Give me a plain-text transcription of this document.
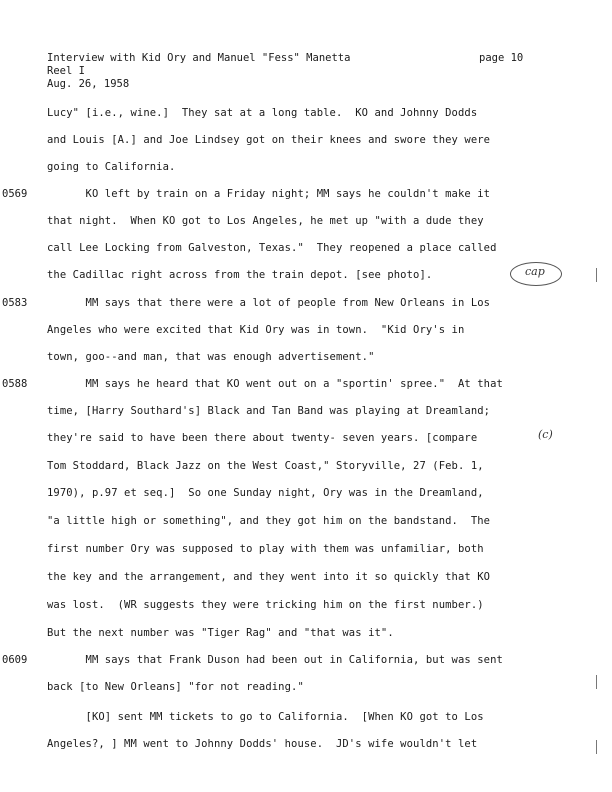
Interview with Kid Ory and Manuel "Fess" Manetta	page 10
Reel I
Aug. 26, 1958
0569
0583
0588
0609
Lucy" [i.e., wine.]  They sat at a long table.  KO and Johnny Dodds
and Louis [A.] and Joe Lindsey got on their knees and swore they were
going to California.
KO left by train on a Friday night; MM says he couldn't make it
that night.  When KO got to Los Angeles, he met up "with a dude they
call Lee Locking from Galveston, Texas."  They reopened a place called
the Cadillac right across from the train depot. [see photo].
MM says that there were a lot of people from New Orleans in Los
Angeles who were excited that Kid Ory was in town.  "Kid Ory's in
town, goo--and man, that was enough advertisement."
MM says he heard that KO went out on a "sportin' spree."  At that
time, [Harry Southard's] Black and Tan Band was playing at Dreamland;
they're said to have been there about twenty- seven years. [compare
Tom Stoddard, Black Jazz on the West Coast," Storyville, 27 (Feb. 1,
1970), p.97 et seq.]  So one Sunday night, Ory was in the Dreamland,
"a little high or something", and they got him on the bandstand.  The
first number Ory was supposed to play with them was unfamiliar, both
the key and the arrangement, and they went into it so quickly that KO
was lost.  (WR suggests they were tricking him on the first number.)
But the next number was "Tiger Rag" and "that was it".
MM says that Frank Duson had been out in California, but was sent
back [to New Orleans] "for not reading."
[KO] sent MM tickets to go to California.  [When KO got to Los
Angeles?, ] MM went to Johnny Dodds' house.  JD's wife wouldn't let
cap
(c)
